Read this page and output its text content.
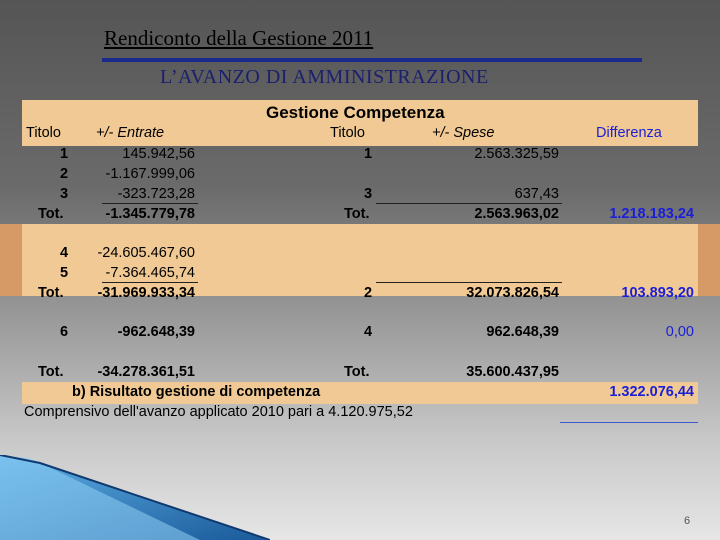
Rendiconto della Gestione 2011
L’AVANZO DI AMMINISTRAZIONE
Gestione Competenza
Titolo +/- Entrate	Titolo	+/- Spese	Differenza
1	145.942,56	1	2.563.325,59
2	-1.167.999,06
3	-323.723,28	3	637,43
Tot.	-1.345.779,78	Tot.	2.563.963,02	1.218.183,24
4 -24.605.467,60
5	-7.364.465,74
Tot. -31.969.933,34	2	32.073.826,54	103.893,20
6	-962.648,39	4	962.648,39	0,00
Tot. -34.278.361,51	Tot.	35.600.437,95
b) Risultato gestione di competenza	1.322.076,44
Comprensivo dell'avanzo applicato 2010 pari a 4.120.975,52
6
